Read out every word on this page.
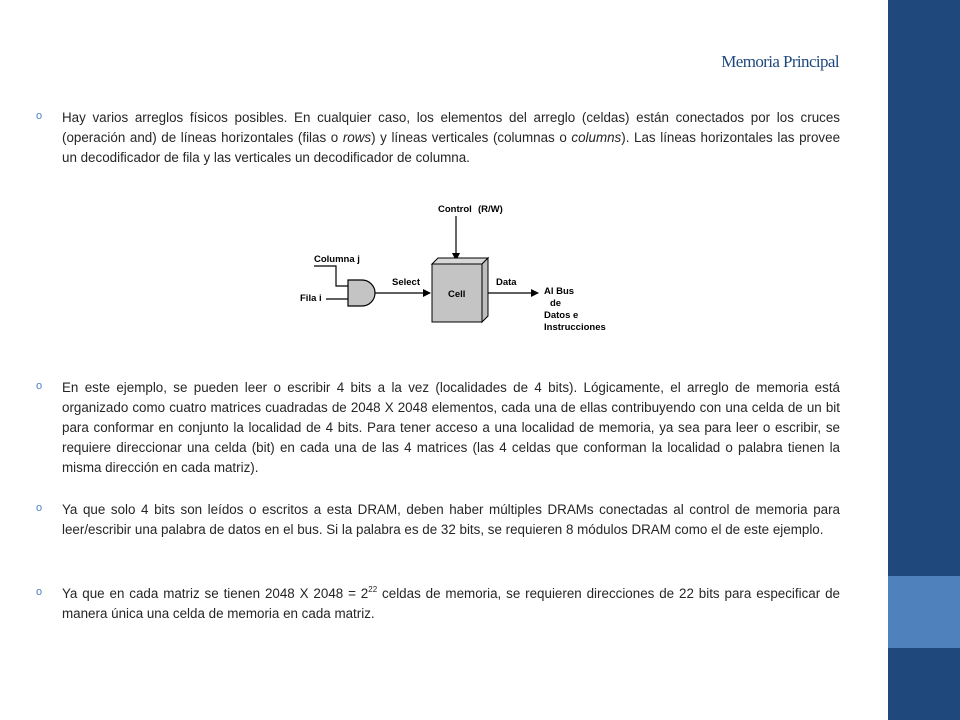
Memoria Principal
o Hay varios arreglos físicos posibles. En cualquier caso, los elementos del arreglo (celdas) están conectados por los cruces (operación and) de líneas horizontales (filas o rows) y líneas verticales (columnas o columns). Las líneas horizontales las provee un decodificador de fila y las verticales un decodificador de columna.
Control (R/W)
Cell
Columna j
Fila i
Select	Data
Al Bus
de
Datos e
Instrucciones
o En este ejemplo, se pueden leer o escribir 4 bits a la vez (localidades de 4 bits). Lógicamente, el arreglo de memoria está organizado como cuatro matrices cuadradas de 2048 X 2048 elementos, cada una de ellas contribuyendo con una celda de un bit para conformar en conjunto la localidad de 4 bits. Para tener acceso a una localidad de memoria, ya sea para leer o escribir, se requiere direccionar una celda (bit) en cada una de las 4 matrices (las 4 celdas que conforman la localidad o palabra tienen la misma dirección en cada matriz).
o Ya que solo 4 bits son leídos o escritos a esta DRAM, deben haber múltiples DRAMs conectadas al control de memoria para leer/escribir una palabra de datos en el bus. Si la palabra es de 32 bits, se requieren 8 módulos DRAM como el de este ejemplo.
o Ya que en cada matriz se tienen 2048 X $2048 = 2^{22}$ celdas de memoria, se requieren direcciones de 22 bits para especificar de manera única una celda de memoria en cada matriz.
